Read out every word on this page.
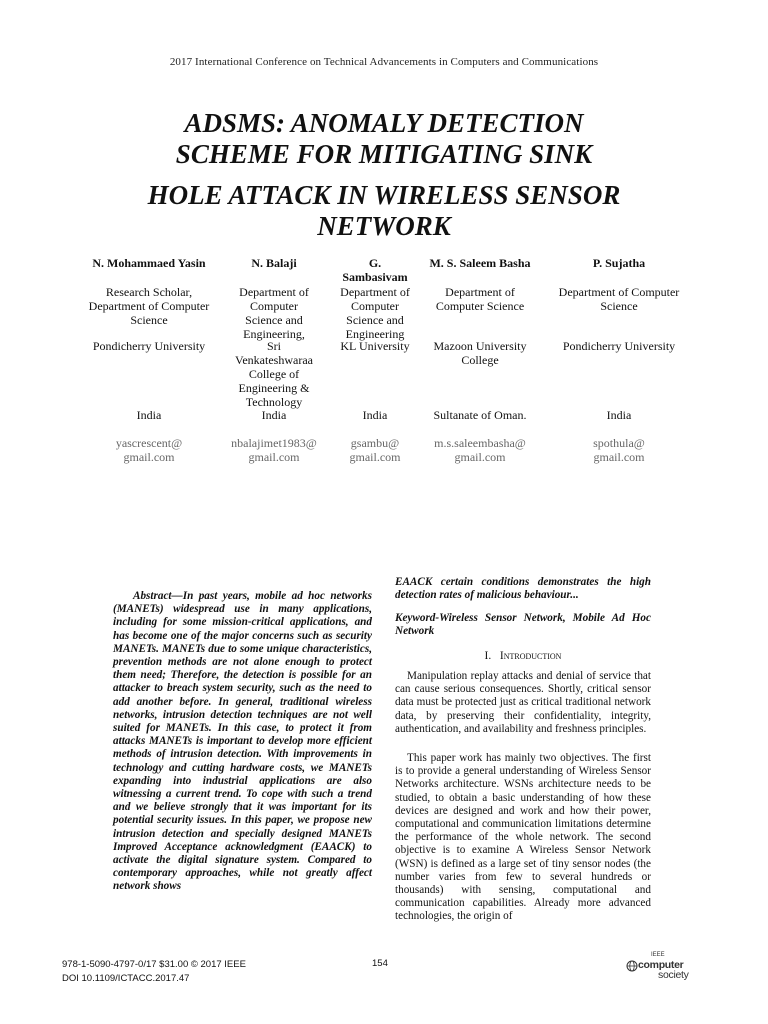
2017 International Conference on Technical Advancements in Computers and Communications
ADSMS: ANOMALY DETECTION
SCHEME FOR MITIGATING SINK
HOLE ATTACK IN WIRELESS SENSOR
NETWORK
N. Mohammaed Yasin
Research Scholar, Department of Computer Science
Pondicherry University
India
yascrescent@
gmail.com
N. Balaji
Department of Computer Science and Engineering,
Sri Venkateshwaraa College of Engineering & Technology
India
nbalajimet1983@
gmail.com
G. Sambasivam
Department of Computer Science and Engineering
KL University
India
gsambu@
gmail.com
M. S. Saleem Basha
Department of Computer Science
Mazoon University College
Sultanate of Oman.
m.s.saleembasha@
gmail.com
P. Sujatha
Department of Computer Science
Pondicherry University
India
spothula@
gmail.com
Abstract—In past years, mobile ad hoc networks (MANETs) widespread use in many applications, including for some mission-critical applications, and has become one of the major concerns such as security MANETs. MANETs due to some unique characteristics, prevention methods are not alone enough to protect them need; Therefore, the detection is possible for an attacker to breach system security, such as the need to add another before. In general, traditional wireless networks, intrusion detection techniques are not well suited for MANETs. In this case, to protect it from attacks MANETs is important to develop more efficient methods of intrusion detection. With improvements in technology and cutting hardware costs, we MANETs expanding into industrial applications are also witnessing a current trend. To cope with such a trend and we believe strongly that it was important for its potential security issues. In this paper, we propose new intrusion detection and specially designed MANETs Improved Acceptance acknowledgment (EAACK) to activate the digital signature system. Compared to contemporary approaches, while not greatly affect network shows
EAACK certain conditions demonstrates the high detection rates of malicious behaviour...
Keyword-Wireless Sensor Network, Mobile Ad Hoc Network
I. Introduction
Manipulation replay attacks and denial of service that can cause serious consequences. Shortly, critical sensor data must be protected just as critical traditional network data, by preserving their confidentiality, integrity, authentication, and availability and freshness principles.
This paper work has mainly two objectives. The first is to provide a general understanding of Wireless Sensor Networks architecture. WSNs architecture needs to be studied, to obtain a basic understanding of how these devices are designed and work and how their power, computational and communication limitations determine the performance of the whole network. The second objective is to examine A Wireless Sensor Network (WSN) is defined as a large set of tiny sensor nodes (the number varies from few to several hundreds or thousands) with sensing, computational and communication capabilities. Already more advanced technologies, the origin of
978-1-5090-4797-0/17 $31.00 © 2017 IEEE
DOI 10.1109/ICTACC.2017.47
154
IEEE
computer
society
